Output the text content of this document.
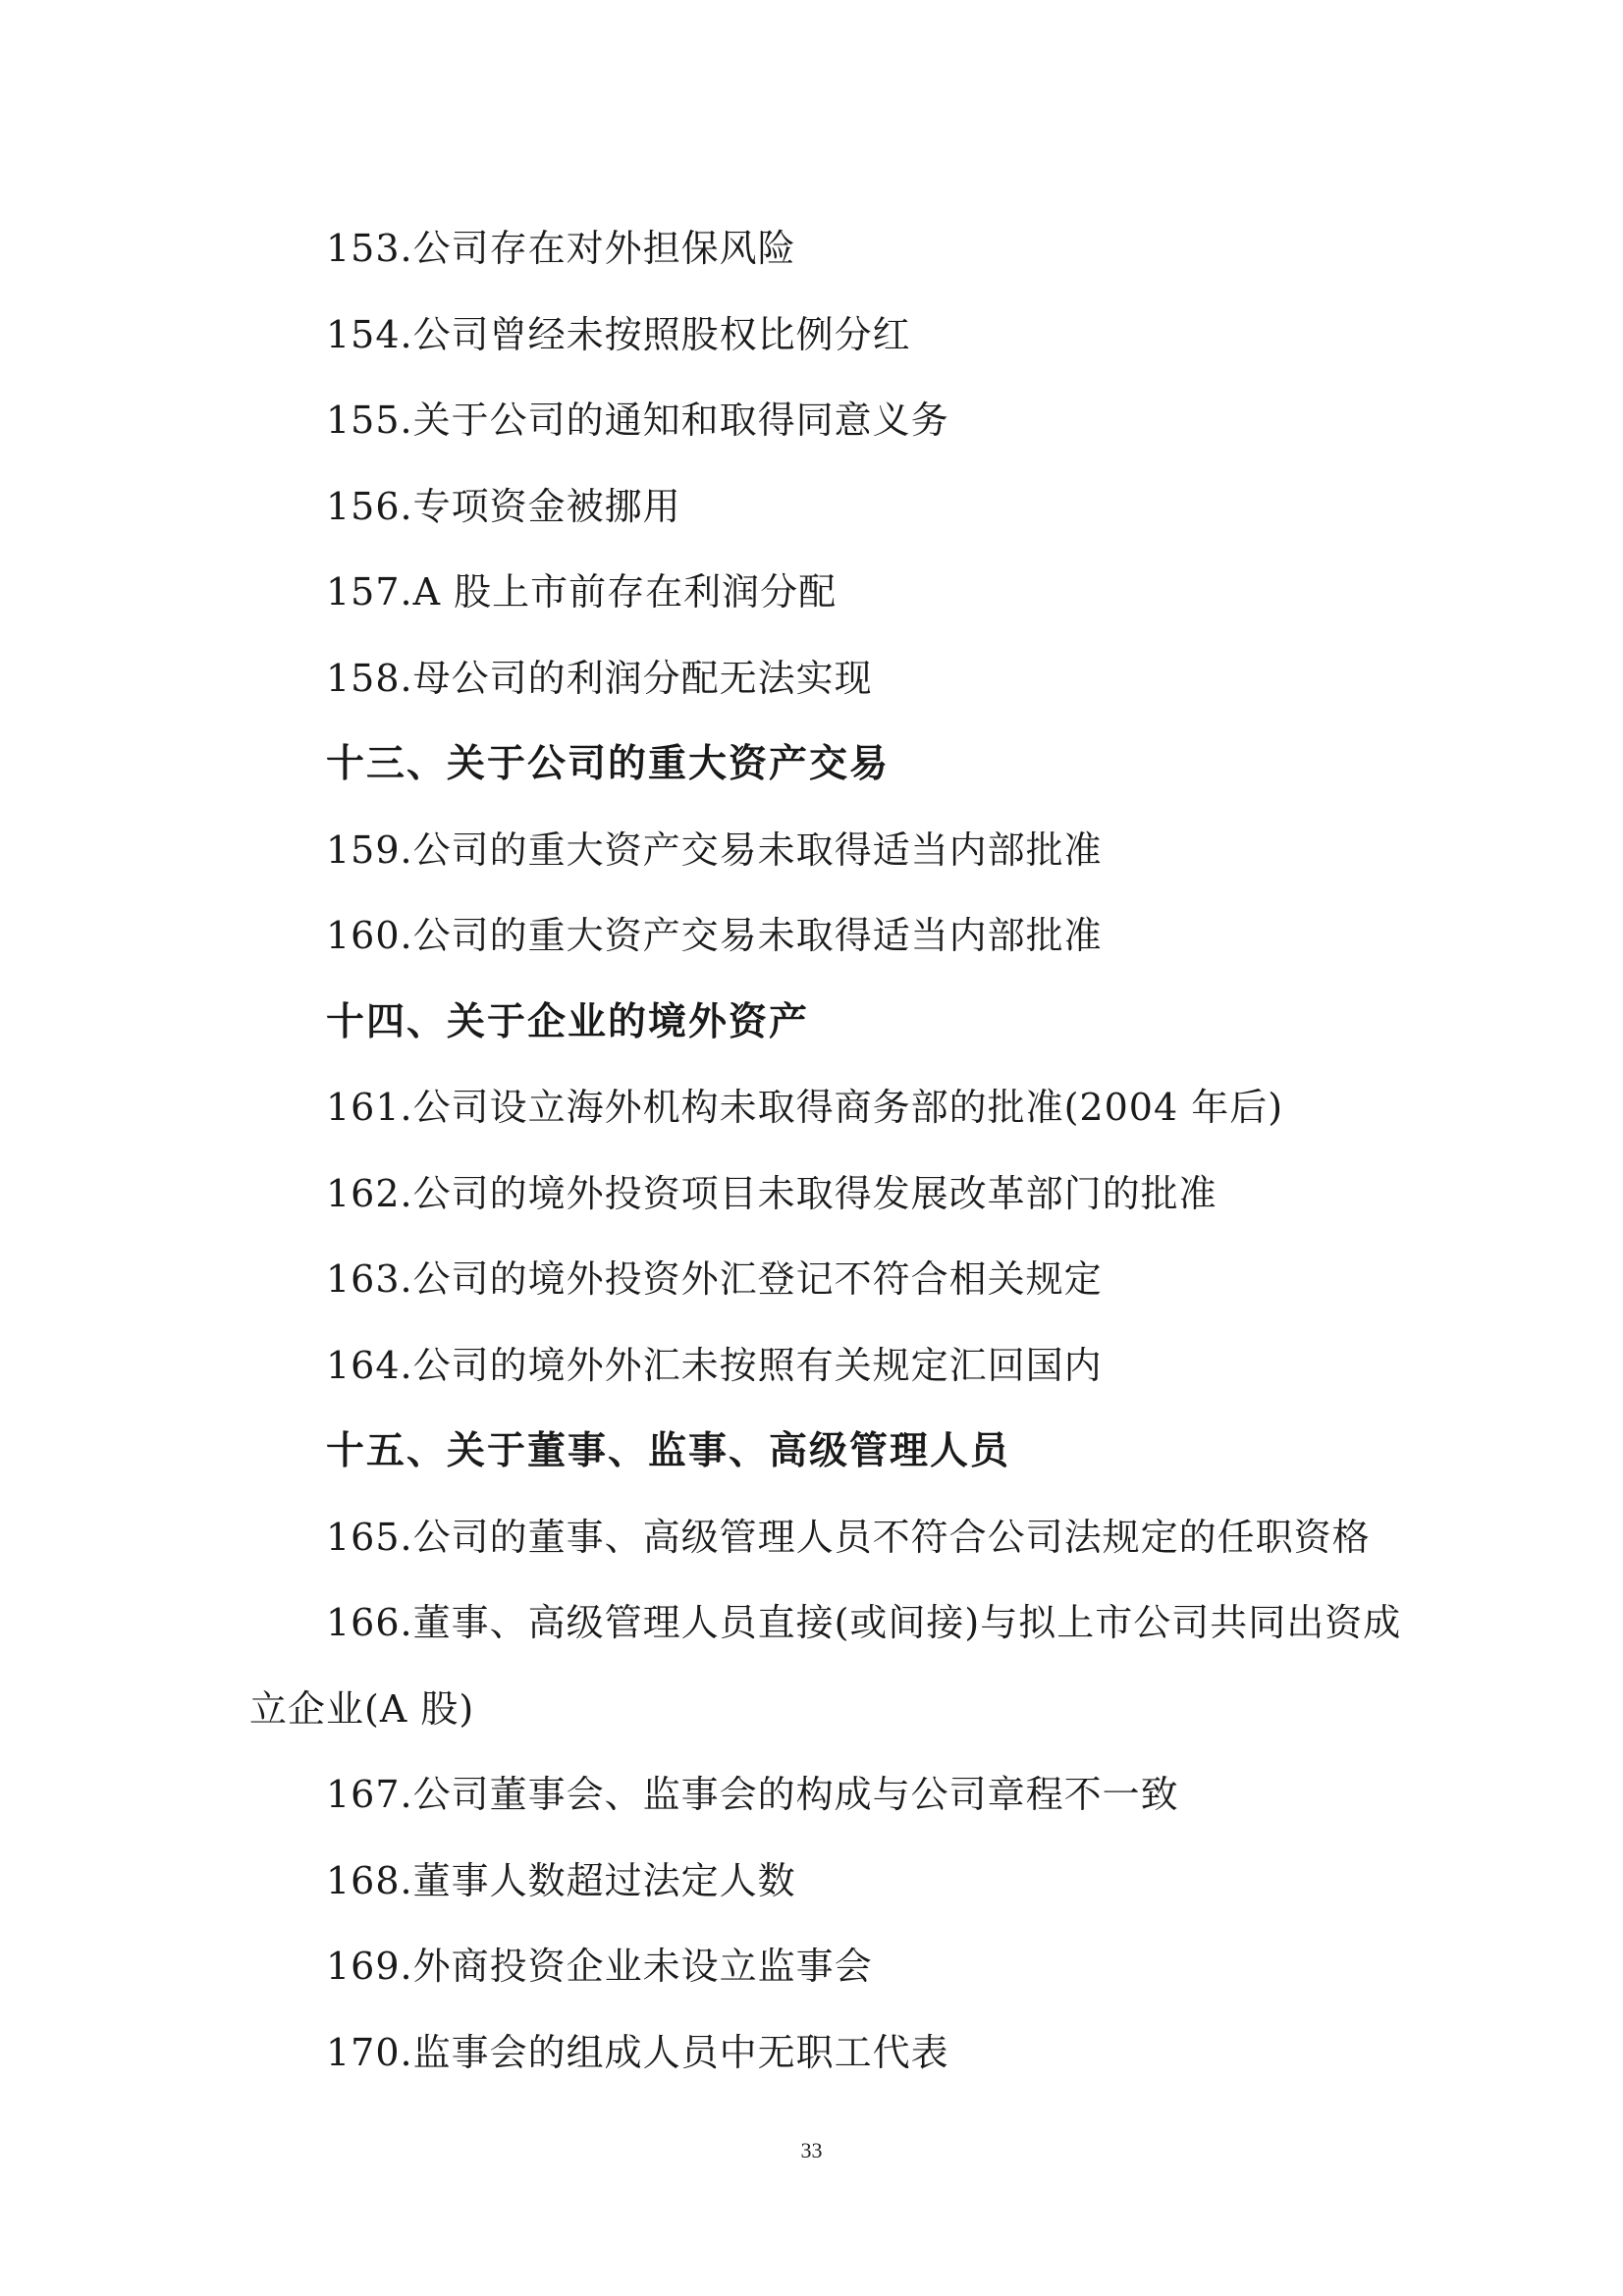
153.公司存在对外担保风险
154.公司曾经未按照股权比例分红
155.关于公司的通知和取得同意义务
156.专项资金被挪用
157.A 股上市前存在利润分配
158.母公司的利润分配无法实现
十三、关于公司的重大资产交易
159.公司的重大资产交易未取得适当内部批准
160.公司的重大资产交易未取得适当内部批准
十四、关于企业的境外资产
161.公司设立海外机构未取得商务部的批准(2004 年后)
162.公司的境外投资项目未取得发展改革部门的批准
163.公司的境外投资外汇登记不符合相关规定
164.公司的境外外汇未按照有关规定汇回国内
十五、关于董事、监事、高级管理人员
165.公司的董事、高级管理人员不符合公司法规定的任职资格
166.董事、高级管理人员直接(或间接)与拟上市公司共同出资成
立企业(A 股)
167.公司董事会、监事会的构成与公司章程不一致
168.董事人数超过法定人数
169.外商投资企业未设立监事会
170.监事会的组成人员中无职工代表
33
